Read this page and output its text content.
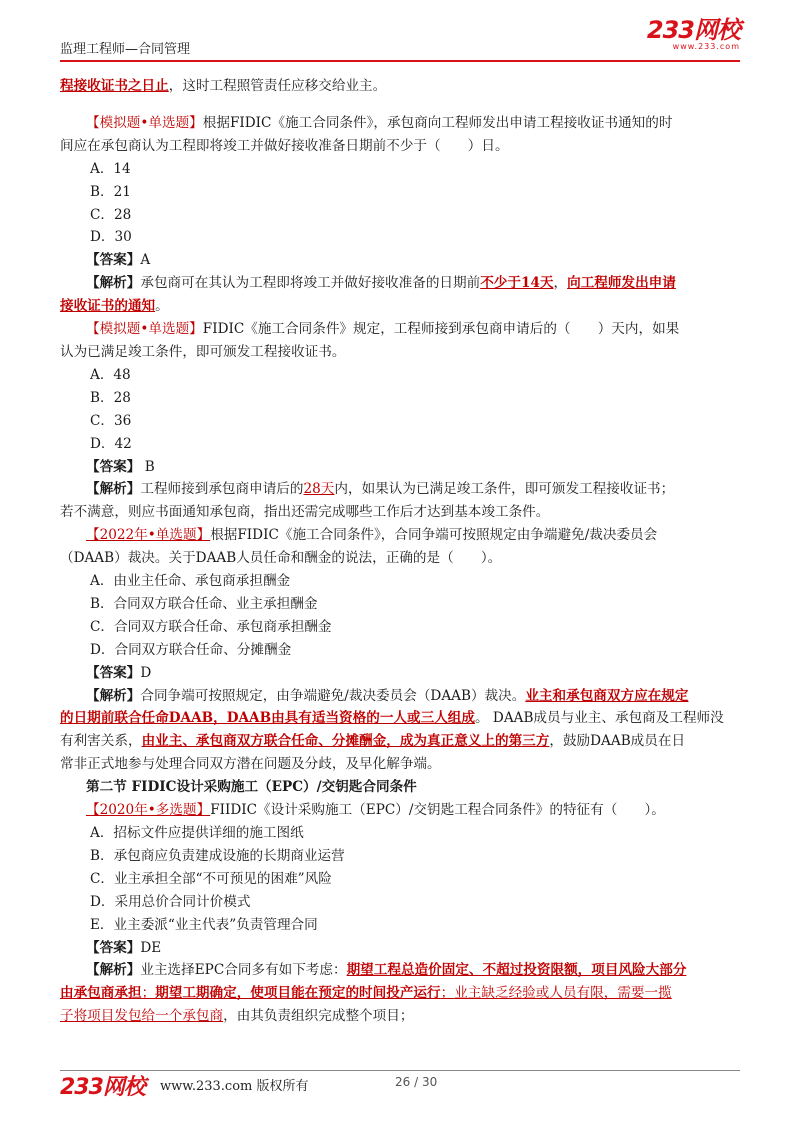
监理工程师—合同管理
233网校
www.233.com
程接收证书之日止，这时工程照管责任应移交给业主。
【模拟题•单选题】根据FIDIC《施工合同条件》，承包商向工程师发出申请工程接收证书通知的时
间应在承包商认为工程即将竣工并做好接收准备日期前不少于（　　）日。
A．14
B．21
C．28
D．30
【答案】A
【解析】承包商可在其认为工程即将竣工并做好接收准备的日期前不少于14天，向工程师发出申请
接收证书的通知。
【模拟题•单选题】FIDIC《施工合同条件》规定，工程师接到承包商申请后的（　　）天内，如果
认为已满足竣工条件，即可颁发工程接收证书。
A．48
B．28
C．36
D．42
【答案】 B
【解析】工程师接到承包商申请后的28天内，如果认为已满足竣工条件，即可颁发工程接收证书；
若不满意，则应书面通知承包商，指出还需完成哪些工作后才达到基本竣工条件。
【2022年•单选题】根据FIDIC《施工合同条件》，合同争端可按照规定由争端避免/裁决委员会
（DAAB）裁决。关于DAAB人员任命和酬金的说法，正确的是（　　）。
A．由业主任命、承包商承担酬金
B．合同双方联合任命、业主承担酬金
C．合同双方联合任命、承包商承担酬金
D．合同双方联合任命、分摊酬金
【答案】D
【解析】合同争端可按照规定，由争端避免/裁决委员会（DAAB）裁决。业主和承包商双方应在规定
的日期前联合任命DAAB，DAAB由具有适当资格的一人或三人组成。 DAAB成员与业主、承包商及工程师没
有利害关系，由业主、承包商双方联合任命、分摊酬金，成为真正意义上的第三方，鼓励DAAB成员在日
常非正式地参与处理合同双方潜在问题及分歧，及早化解争端。
第二节 FIDIC设计采购施工（EPC）/交钥匙合同条件
【2020年•多选题】FIIDIC《设计采购施工（EPC）/交钥匙工程合同条件》的特征有（　　）。
A．招标文件应提供详细的施工图纸
B．承包商应负责建成设施的长期商业运营
C．业主承担全部“不可预见的困难”风险
D．采用总价合同计价模式
E．业主委派“业主代表”负责管理合同
【答案】DE
【解析】业主选择EPC合同多有如下考虑：期望工程总造价固定、不超过投资限额，项目风险大部分
由承包商承担；期望工期确定，使项目能在预定的时间投产运行；业主缺乏经验或人员有限，需要一揽
子将项目发包给一个承包商，由其负责组织完成整个项目；
233网校 www.233.com 版权所有	26 / 30
